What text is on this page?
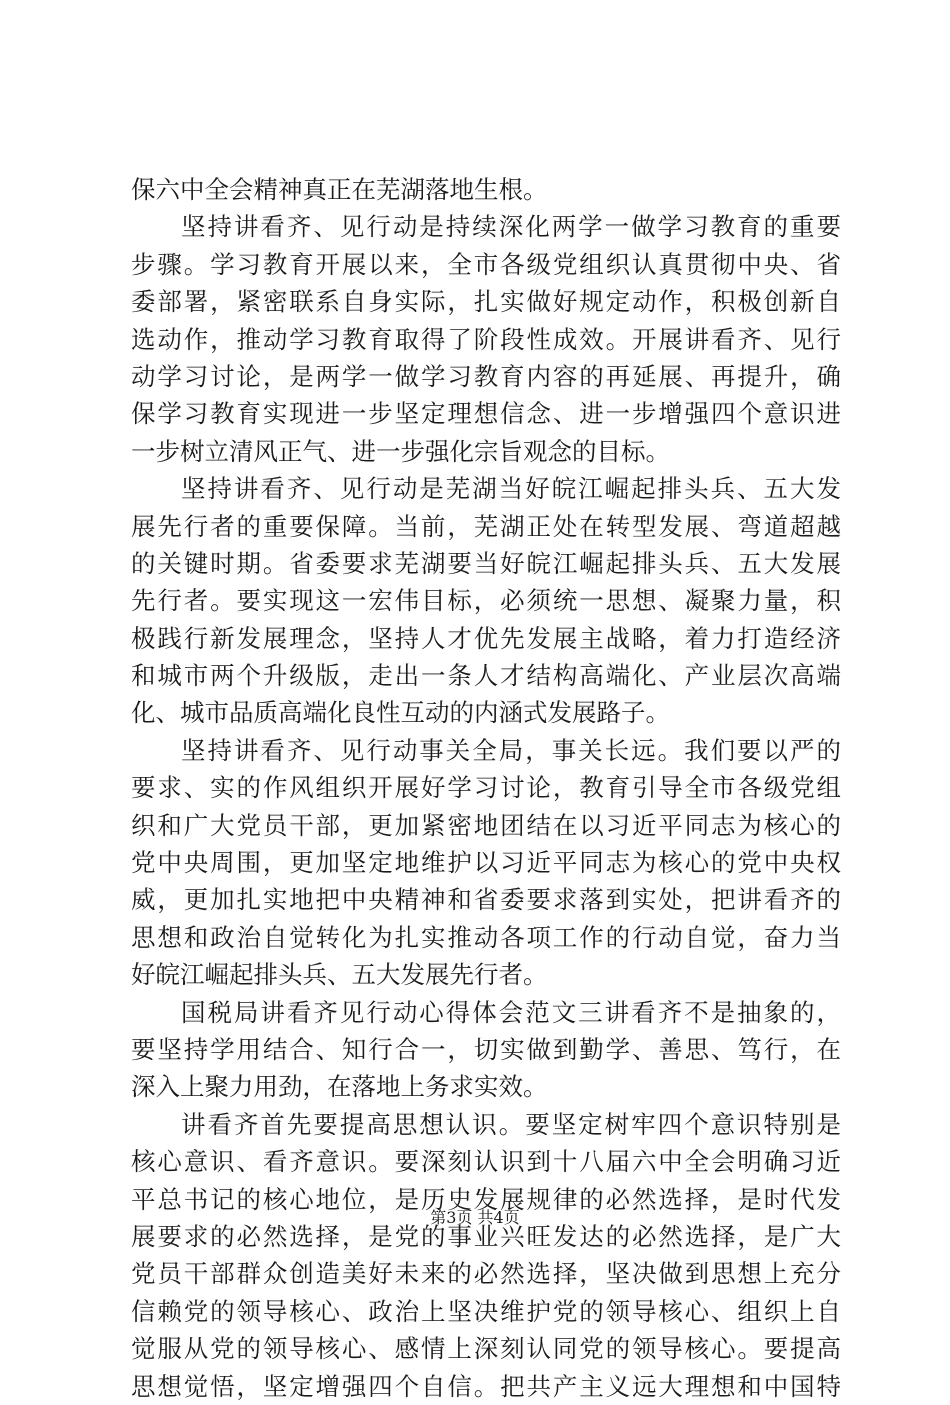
保六中全会精神真正在芜湖落地生根。
坚持讲看齐、见行动是持续深化两学一做学习教育的重要
步骤。学习教育开展以来，全市各级党组织认真贯彻中央、省
委部署，紧密联系自身实际，扎实做好规定动作，积极创新自
选动作，推动学习教育取得了阶段性成效。开展讲看齐、见行
动学习讨论，是两学一做学习教育内容的再延展、再提升，确
保学习教育实现进一步坚定理想信念、进一步增强四个意识进
一步树立清风正气、进一步强化宗旨观念的目标。
坚持讲看齐、见行动是芜湖当好皖江崛起排头兵、五大发
展先行者的重要保障。当前，芜湖正处在转型发展、弯道超越
的关键时期。省委要求芜湖要当好皖江崛起排头兵、五大发展
先行者。要实现这一宏伟目标，必须统一思想、凝聚力量，积
极践行新发展理念，坚持人才优先发展主战略，着力打造经济
和城市两个升级版，走出一条人才结构高端化、产业层次高端
化、城市品质高端化良性互动的内涵式发展路子。
坚持讲看齐、见行动事关全局，事关长远。我们要以严的
要求、实的作风组织开展好学习讨论，教育引导全市各级党组
织和广大党员干部，更加紧密地团结在以习近平同志为核心的
党中央周围，更加坚定地维护以习近平同志为核心的党中央权
威，更加扎实地把中央精神和省委要求落到实处，把讲看齐的
思想和政治自觉转化为扎实推动各项工作的行动自觉，奋力当
好皖江崛起排头兵、五大发展先行者。
国税局讲看齐见行动心得体会范文三讲看齐不是抽象的，
要坚持学用结合、知行合一，切实做到勤学、善思、笃行，在
深入上聚力用劲，在落地上务求实效。
讲看齐首先要提高思想认识。要坚定树牢四个意识特别是
核心意识、看齐意识。要深刻认识到十八届六中全会明确习近
平总书记的核心地位，是历史发展规律的必然选择，是时代发
展要求的必然选择，是党的事业兴旺发达的必然选择，是广大
党员干部群众创造美好未来的必然选择，坚决做到思想上充分
信赖党的领导核心、政治上坚决维护党的领导核心、组织上自
觉服从党的领导核心、感情上深刻认同党的领导核心。要提高
思想觉悟，坚定增强四个自信。把共产主义远大理想和中国特
第3页 共4页
